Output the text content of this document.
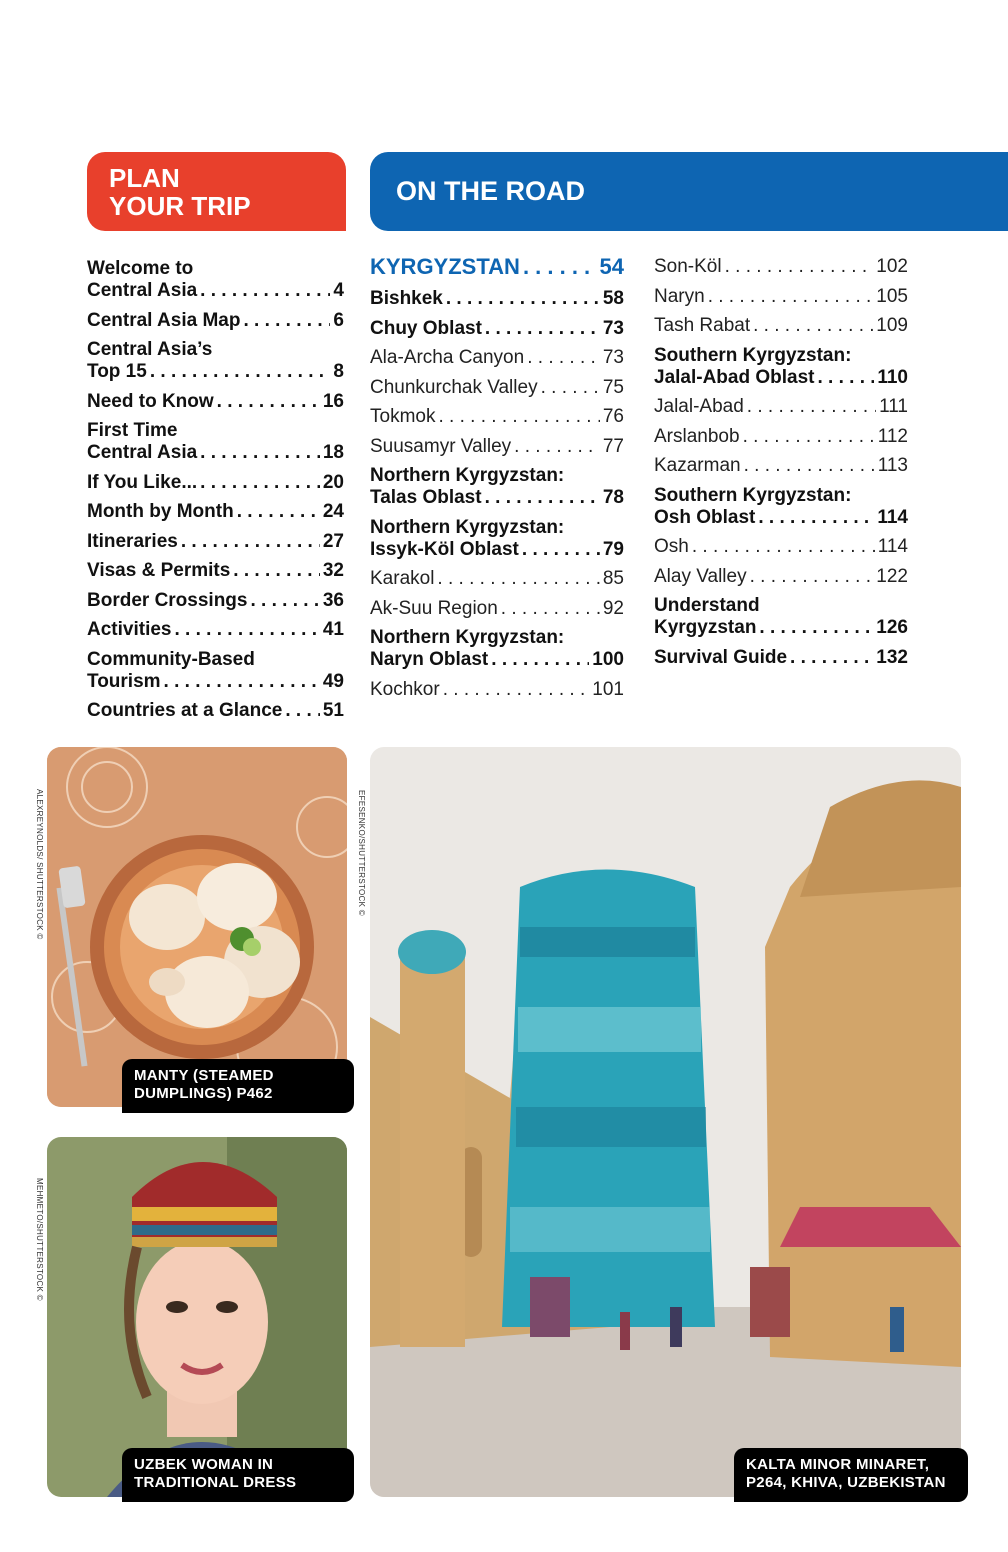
PLAN
YOUR TRIP	ON THE ROAD
Welcome to
Central Asia . . .	4
Central Asia Map . . .	6
Central Asia’s
Top 15 . . .	8
Need to Know . . .	16
First Time
Central Asia . . .	18
If You Like... . . .	20
Month by Month . . .	24
Itineraries . . .	27
Visas & Permits . . .	32
Border Crossings . . .	36
Activities . . .	41
Community-Based
Tourism . . .	49
Countries at a Glance . . . 51
KYRGYZSTAN . . .	54
Bishkek . . .	58
Chuy Oblast . . .	73
Ala-Archa Canyon . . .	73
Chunkurchak Valley . . .	75
Tokmok . . .	76
Suusamyr Valley . . .	77
Northern Kyrgyzstan:
Talas Oblast . . .	78
Northern Kyrgyzstan:
Issyk-Köl Oblast . . .	79
Karakol . . .	85
Ak-Suu Region . . .	92
Northern Kyrgyzstan:
Naryn Oblast . . .	100
Kochkor . . .	101
Son-Köl . . .	102
Naryn . . .	105
Tash Rabat . . .	109
Southern Kyrgyzstan:
Jalal-Abad Oblast . . .	110
Jalal-Abad . . .	111
Arslanbob . . .	112
Kazarman . . .	113
Southern Kyrgyzstan:
Osh Oblast . . .	114
Osh . . .	114
Alay Valley . . .	122
Understand
Kyrgyzstan . . .	126
Survival Guide . . .	132
MANTY (STEAMED
DUMPLINGS) P462
UZBEK WOMAN IN
TRADITIONAL DRESS
KALTA MINOR MINARET,
P264, KHIVA, UZBEKISTAN
ALEXREYNOLDS/ SHUTTERSTOCK ©	EFESENKO/SHUTTERSTOCK ©
MEHMETO/SHUTTERSTOCK ©
